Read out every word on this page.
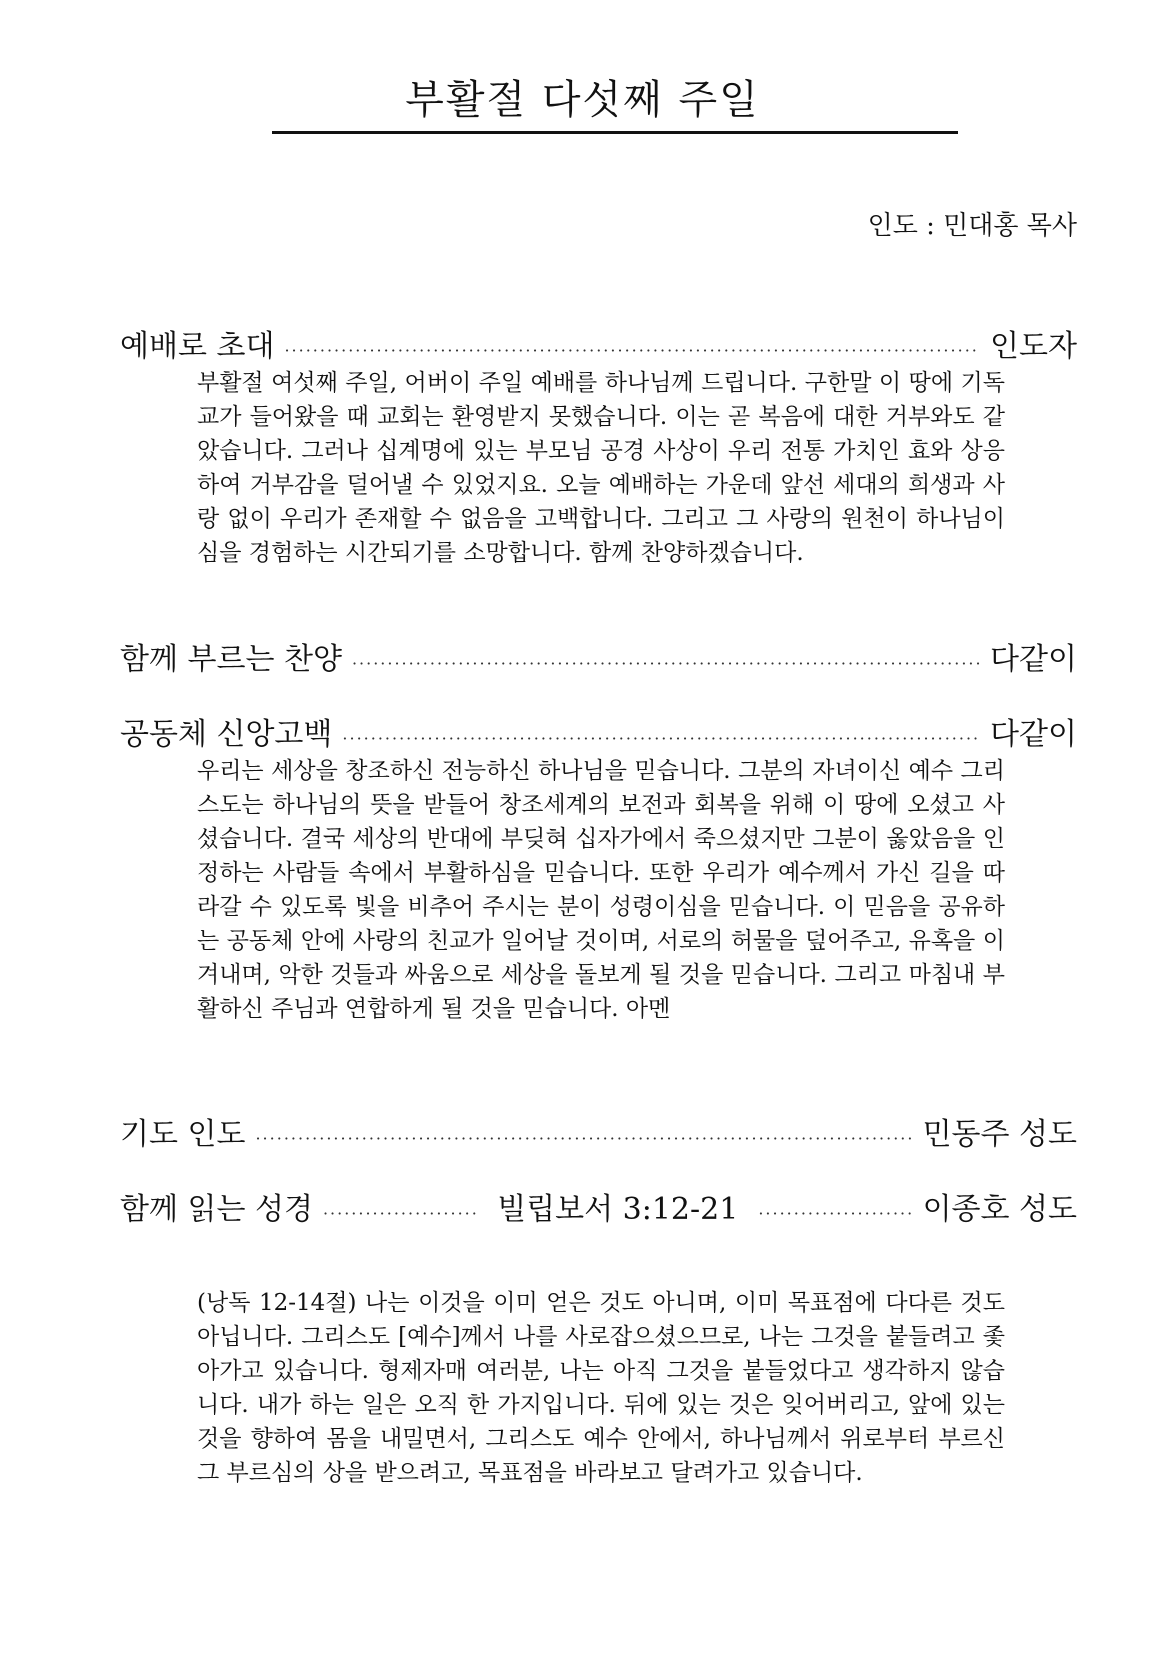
부활절 다섯째 주일
인도 : 민대홍 목사
예배로 초대 ·····	인도자

부활절 여섯째 주일, 어버이 주일 예배를 하나님께 드립니다. 구한말 이 땅에 기독교가 들어왔을 때 교회는 환영받지 못했습니다. 이는 곧 복음에 대한 거부와도 같았습니다. 그러나 십계명에 있는 부모님 공경 사상이 우리 전통 가치인 효와 상응하여 거부감을 덜어낼 수 있었지요. 오늘 예배하는 가운데 앞선 세대의 희생과 사랑 없이 우리가 존재할 수 없음을 고백합니다. 그리고 그 사랑의 원천이 하나님이심을 경험하는 시간되기를 소망합니다. 함께 찬양하겠습니다.

함께 부르는 찬양 ·····	다같이
공동체 신앙고백 ·····	다같이

우리는 세상을 창조하신 전능하신 하나님을 믿습니다. 그분의 자녀이신 예수 그리스도는 하나님의 뜻을 받들어 창조세계의 보전과 회복을 위해 이 땅에 오셨고 사셨습니다. 결국 세상의 반대에 부딪혀 십자가에서 죽으셨지만 그분이 옳았음을 인정하는 사람들 속에서 부활하심을 믿습니다. 또한 우리가 예수께서 가신 길을 따라갈 수 있도록 빛을 비추어 주시는 분이 성령이심을 믿습니다. 이 믿음을 공유하는 공동체 안에 사랑의 친교가 일어날 것이며, 서로의 허물을 덮어주고, 유혹을 이겨내며, 악한 것들과 싸움으로 세상을 돌보게 될 것을 믿습니다. 그리고 마침내 부활하신 주님과 연합하게 될 것을 믿습니다. 아멘

기도 인도 ·····	민동주 성도
함께 읽는 성경 ·····	빌립보서 3:12-21 ·····	이종호 성도

(낭독 12-14절) 나는 이것을 이미 얻은 것도 아니며, 이미 목표점에 다다른 것도 아닙니다. 그리스도 [예수]께서 나를 사로잡으셨으므로, 나는 그것을 붙들려고 좇아가고 있습니다. 형제자매 여러분, 나는 아직 그것을 붙들었다고 생각하지 않습니다. 내가 하는 일은 오직 한 가지입니다. 뒤에 있는 것은 잊어버리고, 앞에 있는 것을 향하여 몸을 내밀면서, 그리스도 예수 안에서, 하나님께서 위로부터 부르신 그 부르심의 상을 받으려고, 목표점을 바라보고 달려가고 있습니다.
